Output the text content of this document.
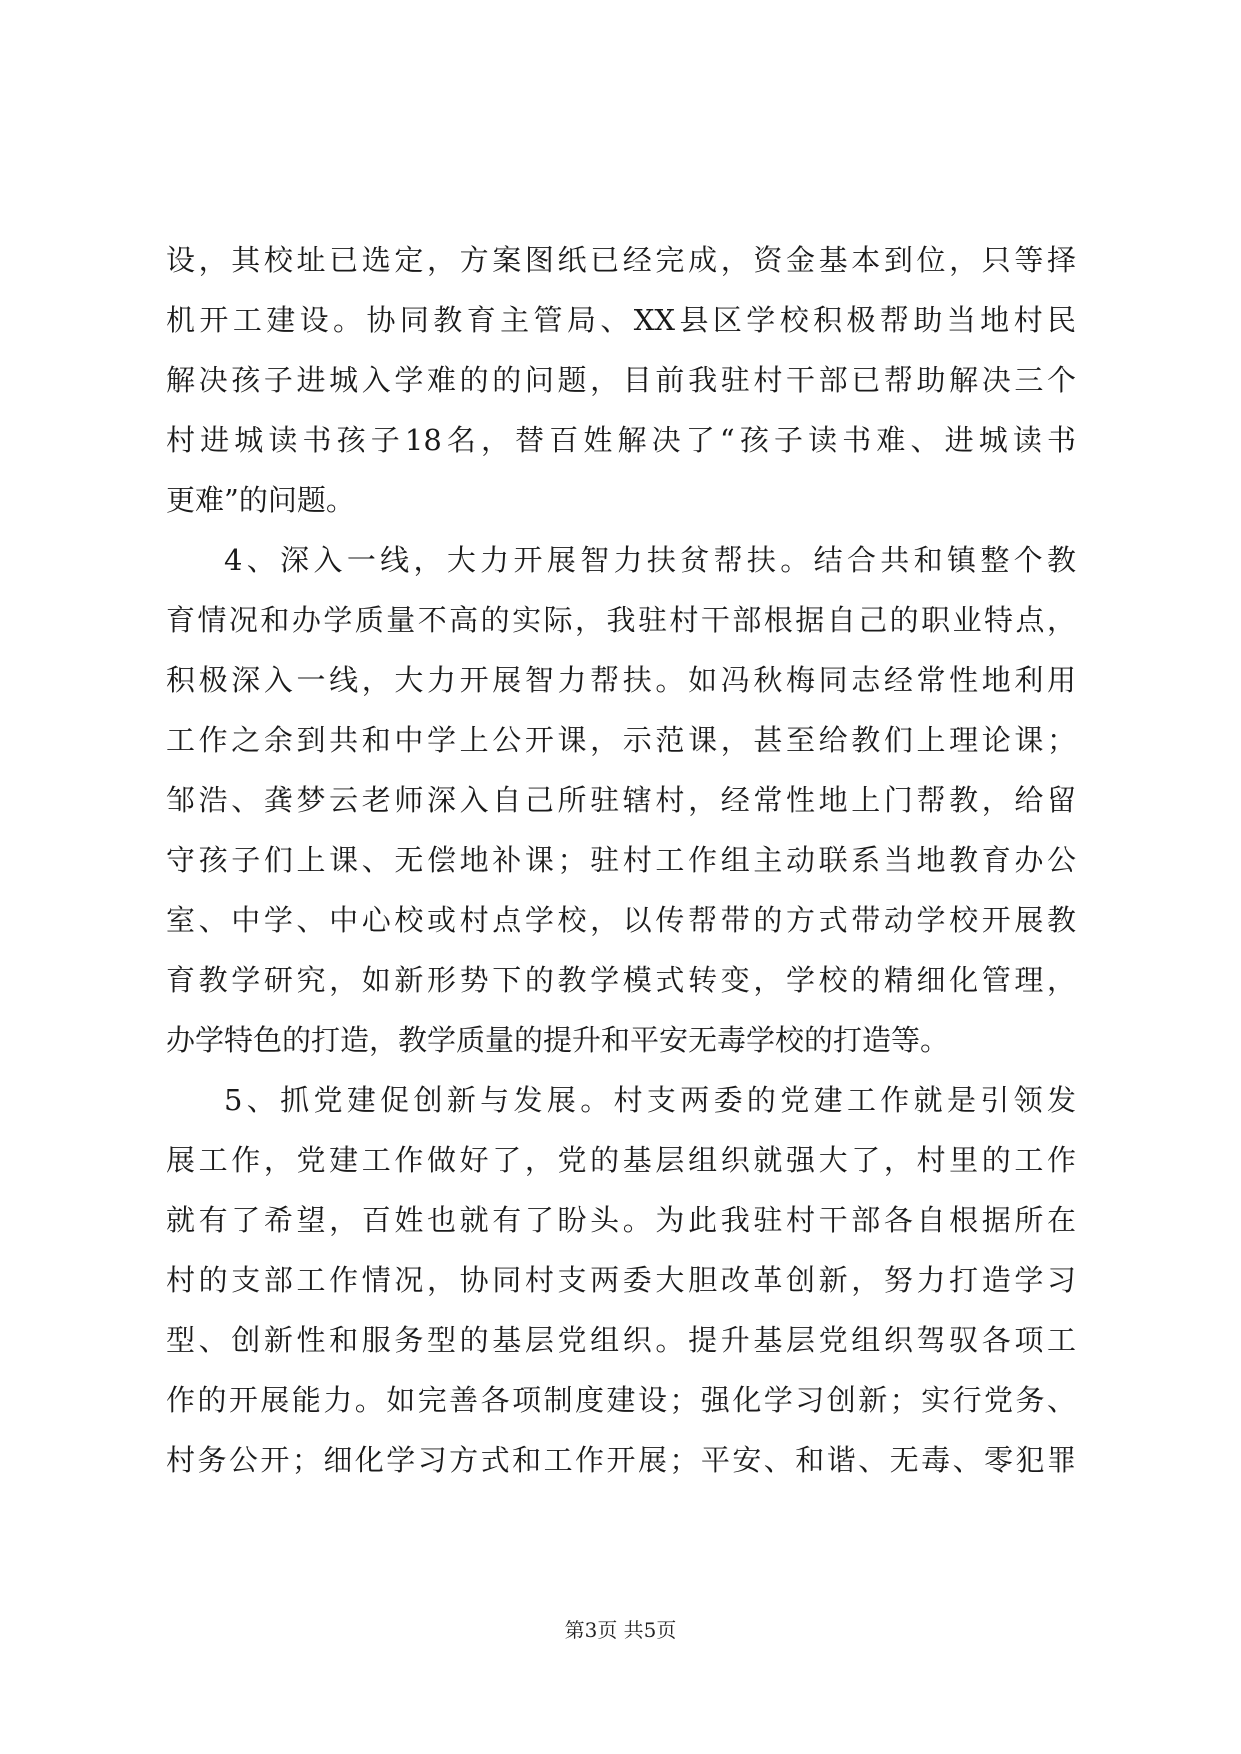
设，其校址已选定，方案图纸已经完成，资金基本到位，只等择
机开工建设。协同教育主管局、XX县区学校积极帮助当地村民
解决孩子进城入学难的的问题，目前我驻村干部已帮助解决三个
村进城读书孩子18名，替百姓解决了“孩子读书难、进城读书
更难”的问题。
4、深入一线，大力开展智力扶贫帮扶。结合共和镇整个教
育情况和办学质量不高的实际，我驻村干部根据自己的职业特点，
积极深入一线，大力开展智力帮扶。如冯秋梅同志经常性地利用
工作之余到共和中学上公开课，示范课，甚至给教们上理论课；
邹浩、龚梦云老师深入自己所驻辖村，经常性地上门帮教，给留
守孩子们上课、无偿地补课；驻村工作组主动联系当地教育办公
室、中学、中心校或村点学校，以传帮带的方式带动学校开展教
育教学研究，如新形势下的教学模式转变，学校的精细化管理，
办学特色的打造，教学质量的提升和平安无毒学校的打造等。
5、抓党建促创新与发展。村支两委的党建工作就是引领发
展工作，党建工作做好了，党的基层组织就强大了，村里的工作
就有了希望，百姓也就有了盼头。为此我驻村干部各自根据所在
村的支部工作情况，协同村支两委大胆改革创新，努力打造学习
型、创新性和服务型的基层党组织。提升基层党组织驾驭各项工
作的开展能力。如完善各项制度建设；强化学习创新；实行党务、
村务公开；细化学习方式和工作开展；平安、和谐、无毒、零犯罪
第3页 共5页
